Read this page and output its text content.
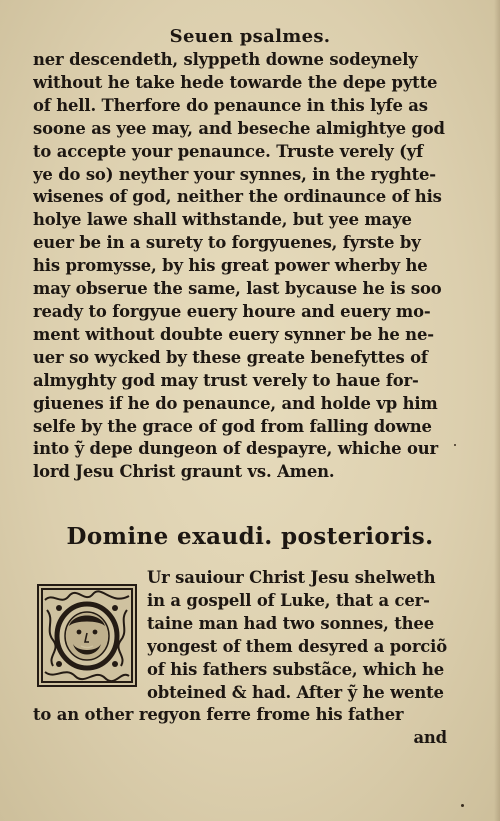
Seuen psalmes.
ner descendeth, slyppeth downe sodeynely
without he take hede towarde the depe pytte
of hell. Therfore do penaunce in this lyfe as
soone as yee may, and beseche almightye god
to accepte your penaunce. Truste verely (yf
ye do so) neyther your synnes, in the ryghte-
wisenes of god, neither the ordinaunce of his
holye lawe shall withstande, but yee maye
euer be in a surety to forgyuenes, fyrste by
his promysse, by his great power wherby he
may obserue the same, last bycause he is soo
ready to forgyue euery houre and euery mo-
ment without doubte euery synner be he ne-
uer so wycked by these greate benefyttes of
almyghty god may trust verely to haue for-
giuenes if he do penaunce, and holde vp him
selfe by the grace of god from falling downe
into ỹ depe dungeon of despayre, whiche our
lord Jesu Christ graunt vs. Amen.
Domine exaudi. posterioris.
Ur sauiour Christ Jesu shelweth
in a gospell of Luke, that a cer-
taine man had two sonnes, thee
yongest of them desyred a porciõ
of his fathers substãce, which he
obteined & had. After ỹ he wente
to an other regyon ferre frome his father
and
